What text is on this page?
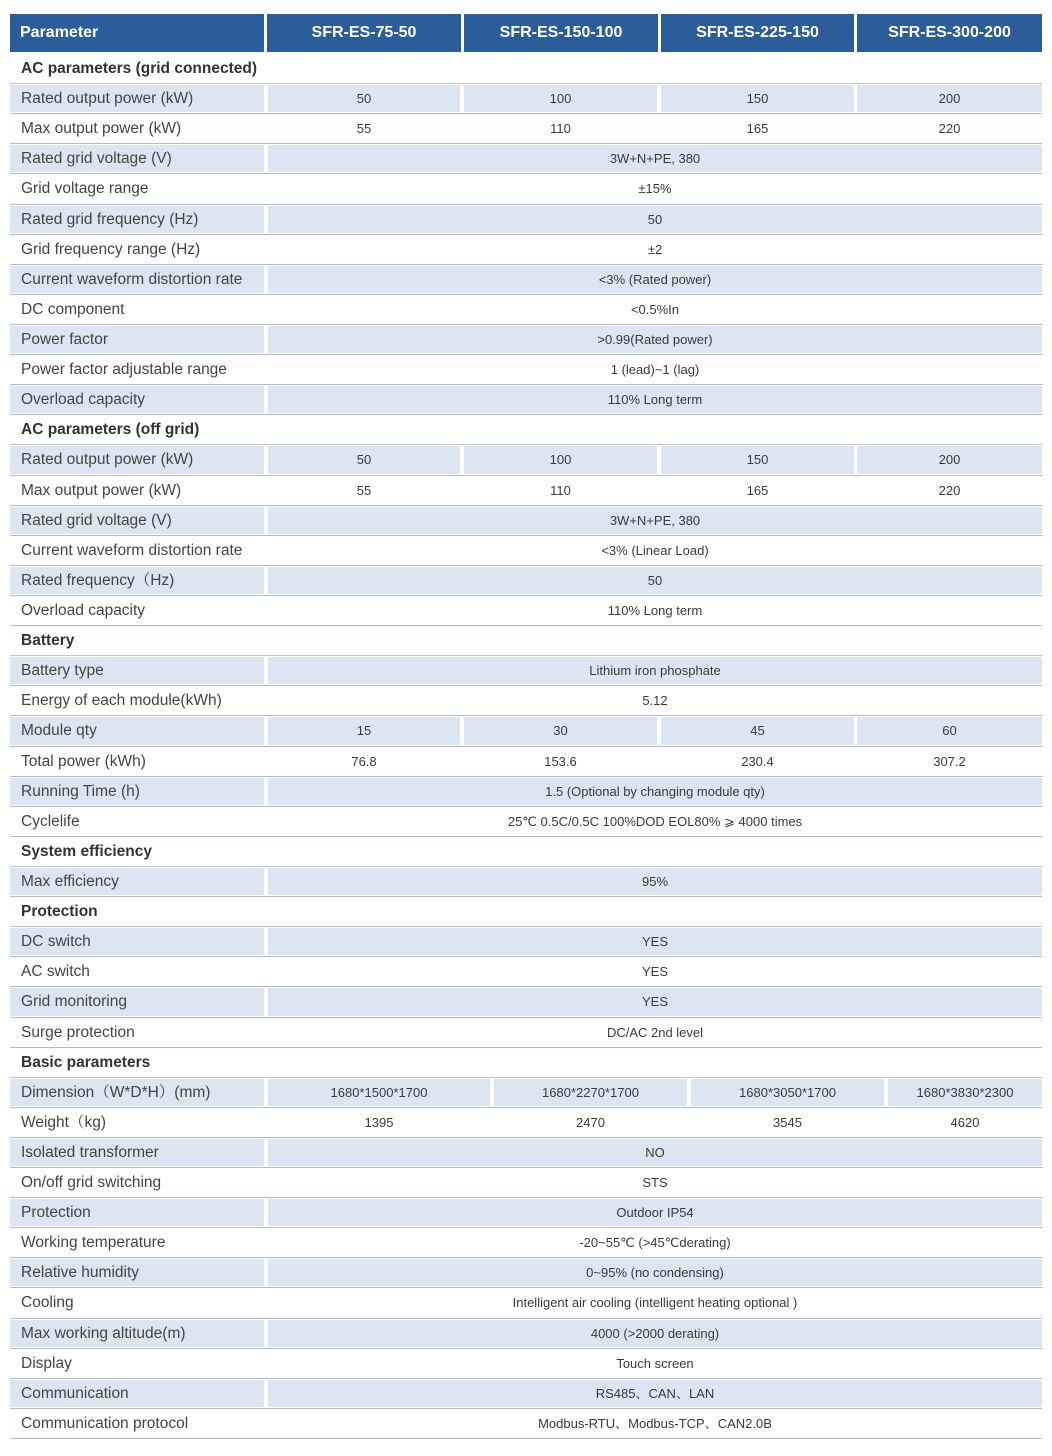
Parameter	SFR-ES-75-50	SFR-ES-150-100	SFR-ES-225-150	SFR-ES-300-200
AC parameters (grid connected)
Rated output power (kW)	50	100	150	200
Max output power (kW)	55	110	165	220
Rated grid voltage (V)	3W+N+PE, 380
Grid voltage range	±15%
Rated grid frequency (Hz)	50
Grid frequency range (Hz)	±2
Current waveform distortion rate	<3% (Rated power)
DC component	<0.5%In
Power factor	>0.99(Rated power)
Power factor adjustable range	1 (lead)~1 (lag)
Overload capacity	110% Long term
AC parameters (off grid)
Rated output power (kW)	50	100	150	200
Max output power (kW)	55	110	165	220
Rated grid voltage (V)	3W+N+PE, 380
Current waveform distortion rate	<3% (Linear Load)
Rated frequency（Hz)	50
Overload capacity	110% Long term
Battery
Battery type	Lithium iron phosphate
Energy of each module(kWh)	5.12
Module qty	15	30	45	60
Total power (kWh)	76.8	153.6	230.4	307.2
Running Time (h)	1.5 (Optional by changing module qty)
Cyclelife	25℃ 0.5C/0.5C 100%DOD EOL80% ⩾ 4000 times
System efficiency
Max efficiency	95%
Protection
DC switch	YES
AC switch	YES
Grid monitoring	YES
Surge protection	DC/AC 2nd level
Basic parameters
Dimension（W*D*H）(mm)	1680*1500*1700	1680*2270*1700	1680*3050*1700	1680*3830*2300
Weight（kg)	1395	2470	3545	4620
Isolated transformer	NO
On/off grid switching	STS
Protection	Outdoor IP54
Working temperature	-20~55℃ (>45℃derating)
Relative humidity	0~95% (no condensing)
Cooling	Intelligent air cooling (intelligent heating optional )
Max working altitude(m)	4000 (>2000 derating)
Display	Touch screen
Communication	RS485、CAN、LAN
Communication protocol	Modbus-RTU、Modbus-TCP、CAN2.0B
